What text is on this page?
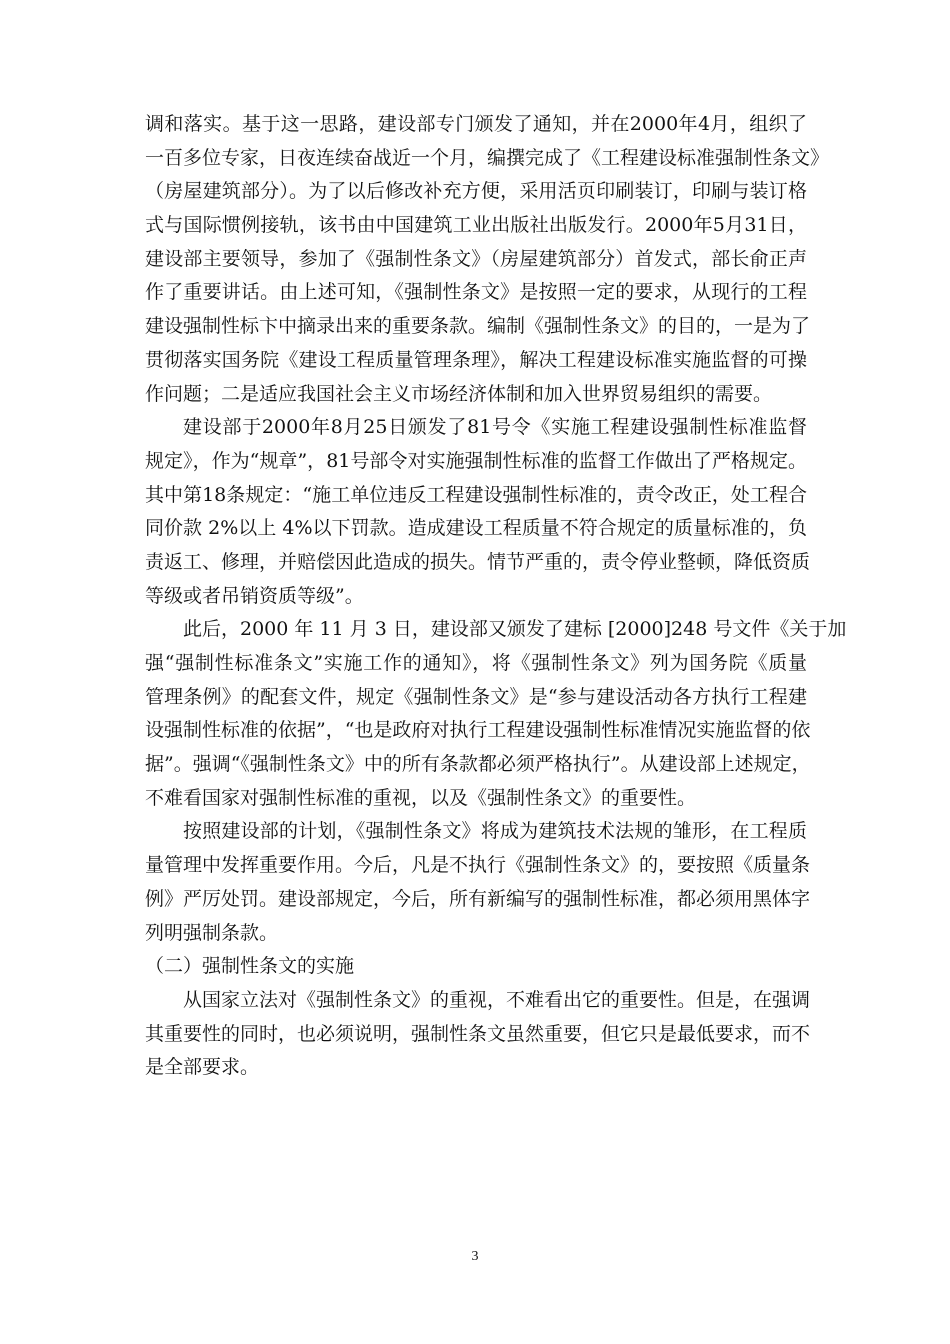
调和落实。基于这一思路，建设部专门颁发了通知，并在2000年4月，组织了
一百多位专家，日夜连续奋战近一个月，编撰完成了《工程建设标准强制性条文》
（房屋建筑部分）。为了以后修改补充方便，采用活页印刷装订，印刷与装订格
式与国际惯例接轨，该书由中国建筑工业出版社出版发行。2000年5月31日，
建设部主要领导，参加了《强制性条文》（房屋建筑部分）首发式，部长俞正声
作了重要讲话。由上述可知，《强制性条文》是按照一定的要求，从现行的工程
建设强制性标卞中摘录出来的重要条款。编制《强制性条文》的目的，一是为了
贯彻落实国务院《建设工程质量管理条理》，解决工程建设标准实施监督的可操
作问题；二是适应我国社会主义市场经济体制和加入世界贸易组织的需要。
建设部于2000年8月25日颁发了81号令《实施工程建设强制性标准监督
规定》，作为“规章”，81号部令对实施强制性标准的监督工作做出了严格规定。
其中第18条规定：“施工单位违反工程建设强制性标准的，责令改正，处工程合
同价款 2%以上 4%以下罚款。造成建设工程质量不符合规定的质量标准的，负
责返工、修理，并赔偿因此造成的损失。情节严重的，责令停业整顿，降低资质
等级或者吊销资质等级”。
此后，2000 年 11 月 3 日，建设部又颁发了建标 [2000]248 号文件《关于加
强“强制性标准条文”实施工作的通知》，将《强制性条文》列为国务院《质量
管理条例》的配套文件，规定《强制性条文》是“参与建设活动各方执行工程建
设强制性标准的依据”，“也是政府对执行工程建设强制性标准情况实施监督的依
据”。强调“《强制性条文》中的所有条款都必须严格执行”。从建设部上述规定，
不难看国家对强制性标准的重视，以及《强制性条文》的重要性。
按照建设部的计划，《强制性条文》将成为建筑技术法规的雏形，在工程质
量管理中发挥重要作用。今后，凡是不执行《强制性条文》的，要按照《质量条
例》严厉处罚。建设部规定，今后，所有新编写的强制性标准，都必须用黑体字
列明强制条款。
（二）强制性条文的实施
从国家立法对《强制性条文》的重视，不难看出它的重要性。但是，在强调
其重要性的同时，也必须说明，强制性条文虽然重要，但它只是最低要求，而不
是全部要求。
3
